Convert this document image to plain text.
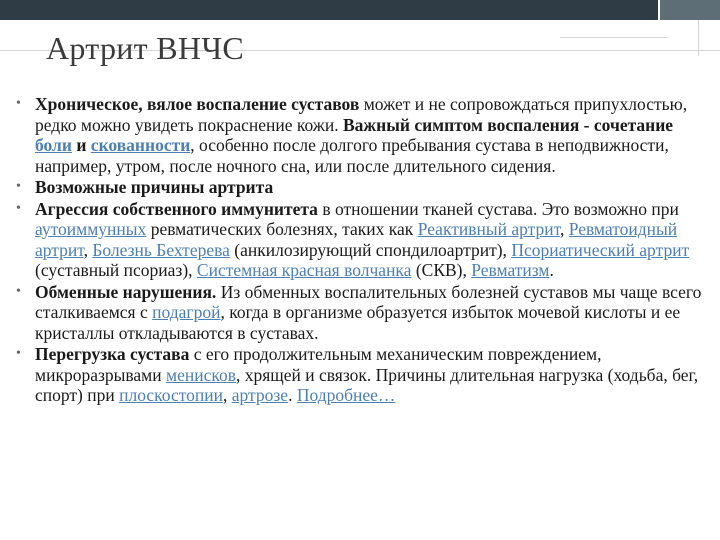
Артрит ВНЧС
• Хроническое, вялое воспаление суставов может и не сопровождаться припухлостью, редко можно увидеть покраснение кожи. Важный симптом воспаления - сочетание боли и скованности, особенно после долгого пребывания сустава в неподвижности, например, утром, после ночного сна, или после длительного сидения.
• Возможные причины артрита
• Агрессия собственного иммунитета в отношении тканей сустава. Это возможно при аутоиммунных ревматических болезнях, таких как Реактивный артрит, Ревматоидный артрит, Болезнь Бехтерева (анкилозирующий спондилоартрит), Псориатический артрит (суставный псориаз), Системная красная волчанка (СКВ), Ревматизм.
• Обменные нарушения. Из обменных воспалительных болезней суставов мы чаще всего сталкиваемся с подагрой, когда в организме образуется избыток мочевой кислоты и ее кристаллы откладываются в суставах.
• Перегрузка сустава с его продолжительным механическим повреждением, микроразрывами менисков, хрящей и связок. Причины длительная нагрузка (ходьба, бег, спорт) при плоскостопии, артрозе. Подробнее…
